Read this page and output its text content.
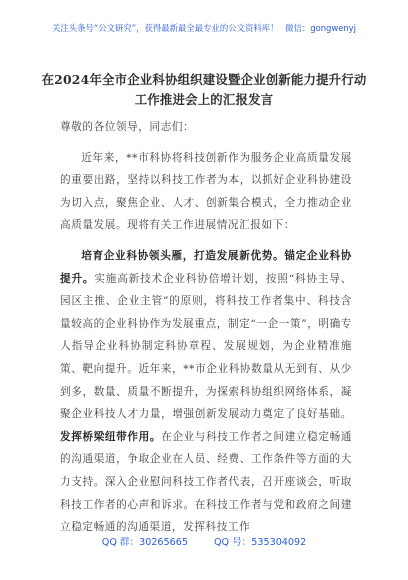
关注头条号“公文研究”，获得最新最全最专业的公文资料库！ 微信：gongwenyj
在2024年全市企业科协组织建设暨企业创新能力提升行动
工作推进会上的汇报发言

尊敬的各位领导，同志们：

近年来，**市科协将科技创新作为服务企业高质量发展的重要出路，坚持以科技工作者为本，以抓好企业科协建设为切入点，聚焦企业、人才、创新集合模式，全力推动企业高质量发展。现将有关工作进展情况汇报如下：

培育企业科协领头雁，打造发展新优势。锚定企业科协提升。实施高新技术企业科协倍增计划，按照“科协主导、园区主推、企业主管”的原则，将科技工作者集中、科技含量较高的企业科协作为发展重点，制定“一企一策”，明确专人指导企业科协制定科协章程、发展规划，为企业精准施策、靶向提升。近年来，**市企业科协数量从无到有、从少到多，数量、质量不断提升，为探索科协组织网络体系，凝聚企业科技人才力量，增强创新发展动力奠定了良好基础。发挥桥梁纽带作用。在企业与科技工作者之间建立稳定畅通的沟通渠道，争取企业在人员、经费、工作条件等方面的大力支持。深入企业慰问科技工作者代表，召开座谈会，听取科技工作者的心声和诉求。在科技工作者与党和政府之间建立稳定畅通的沟通渠道，发挥科技工作

QQ 群：30265665	QQ 号：535304092
